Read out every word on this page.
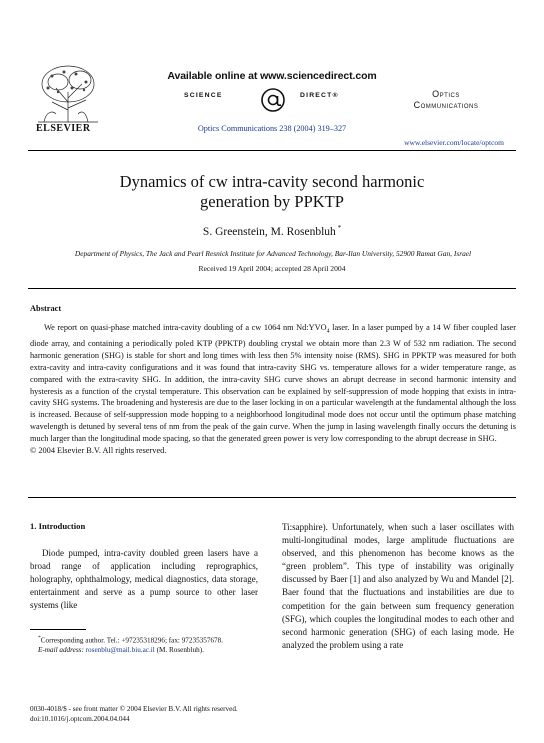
ELSEVIER
Available online at www.sciencedirect.com
SCIENCE	DIRECT®	Optics
Communications
Optics Communications 238 (2004) 319–327
www.elsevier.com/locate/optcom
Dynamics of cw intra-cavity second harmonic
generation by PPKTP
S. Greenstein, M. Rosenbluh *
Department of Physics, The Jack and Pearl Resnick Institute for Advanced Technology, Bar-Ilan University, 52900 Ramat Gan, Israel
Received 19 April 2004; accepted 28 April 2004
Abstract

We report on quasi-phase matched intra-cavity doubling of a cw 1064 nm $Nd:YVO_4$ laser. In a laser pumped by a 14 W fiber coupled laser diode array, and containing a periodically poled KTP (PPKTP) doubling crystal we obtain more than 2.3 W of 532 nm radiation. The second harmonic generation (SHG) is stable for short and long times with less then 5% intensity noise (RMS). SHG in PPKTP was measured for both extra-cavity and intra-cavity configurations and it was found that intra-cavity SHG vs. temperature allows for a wider temperature range, as compared with the extra-cavity SHG. In addition, the intra-cavity SHG curve shows an abrupt decrease in second harmonic intensity and hysteresis as a function of the crystal temperature. This observation can be explained by self-suppression of mode hopping that exists in intra-cavity SHG systems. The broadening and hysteresis are due to the laser locking in on a particular wavelength at the fundamental although the loss is increased. Because of self-suppression mode hopping to a neighborhood longitudinal mode does not occur until the optimum phase matching wavelength is detuned by several tens of nm from the peak of the gain curve. When the jump in lasing wavelength finally occurs the detuning is much larger than the longitudinal mode spacing, so that the generated green power is very low corresponding to the abrupt decrease in SHG.

© 2004 Elsevier B.V. All rights reserved.

1. Introduction

Diode pumped, intra-cavity doubled green lasers have a broad range of application including reprographics, holography, ophthalmology, medical diagnostics, data storage, entertainment and serve as a pump source to other laser systems (like

Ti:sapphire). Unfortunately, when such a laser oscillates with multi-longitudinal modes, large amplitude fluctuations are observed, and this phenomenon has become knows as the “green problem”. This type of instability was originally discussed by Baer [1] and also analyzed by Wu and Mandel [2]. Baer found that the fluctuations and instabilities are due to competition for the gain between sum frequency generation (SFG), which couples the longitudinal modes to each other and second harmonic generation (SHG) of each lasing mode. He analyzed the problem using a rate

*Corresponding author. Tel.: +97235318296; fax: 97235357678.

E-mail address: rosenblu@mail.biu.ac.il (M. Rosenbluh).

0030-4018/$ - see front matter © 2004 Elsevier B.V. All rights reserved.
doi:10.1016/j.optcom.2004.04.044
